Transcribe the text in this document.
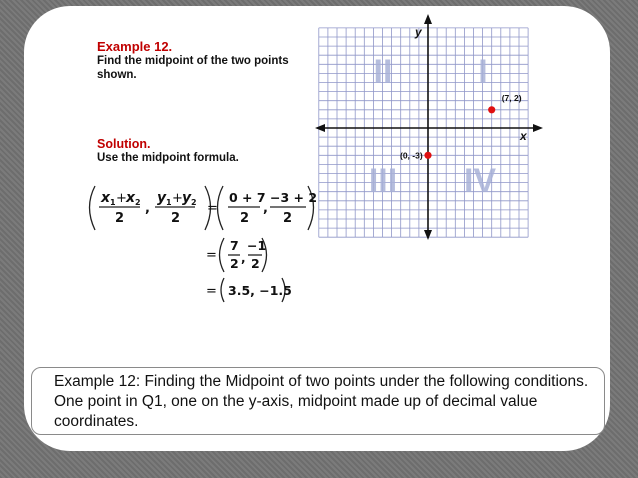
Example 12.
Find the midpoint of the two points shown.
Solution.
Use the midpoint formula.
x 1 + x 2
2
,
y 1 + y 2
2
=
0 + 7
2
,
−3 + 2
2
=
7
2 ,
−1
2
= 3.5, −1.5
II	I
III IV
x
y
(7, 2)
(0, -3)
Example 12: Finding the Midpoint of two points under the following conditions. One point in Q1, one on the y-axis, midpoint made up of decimal value coordinates.
